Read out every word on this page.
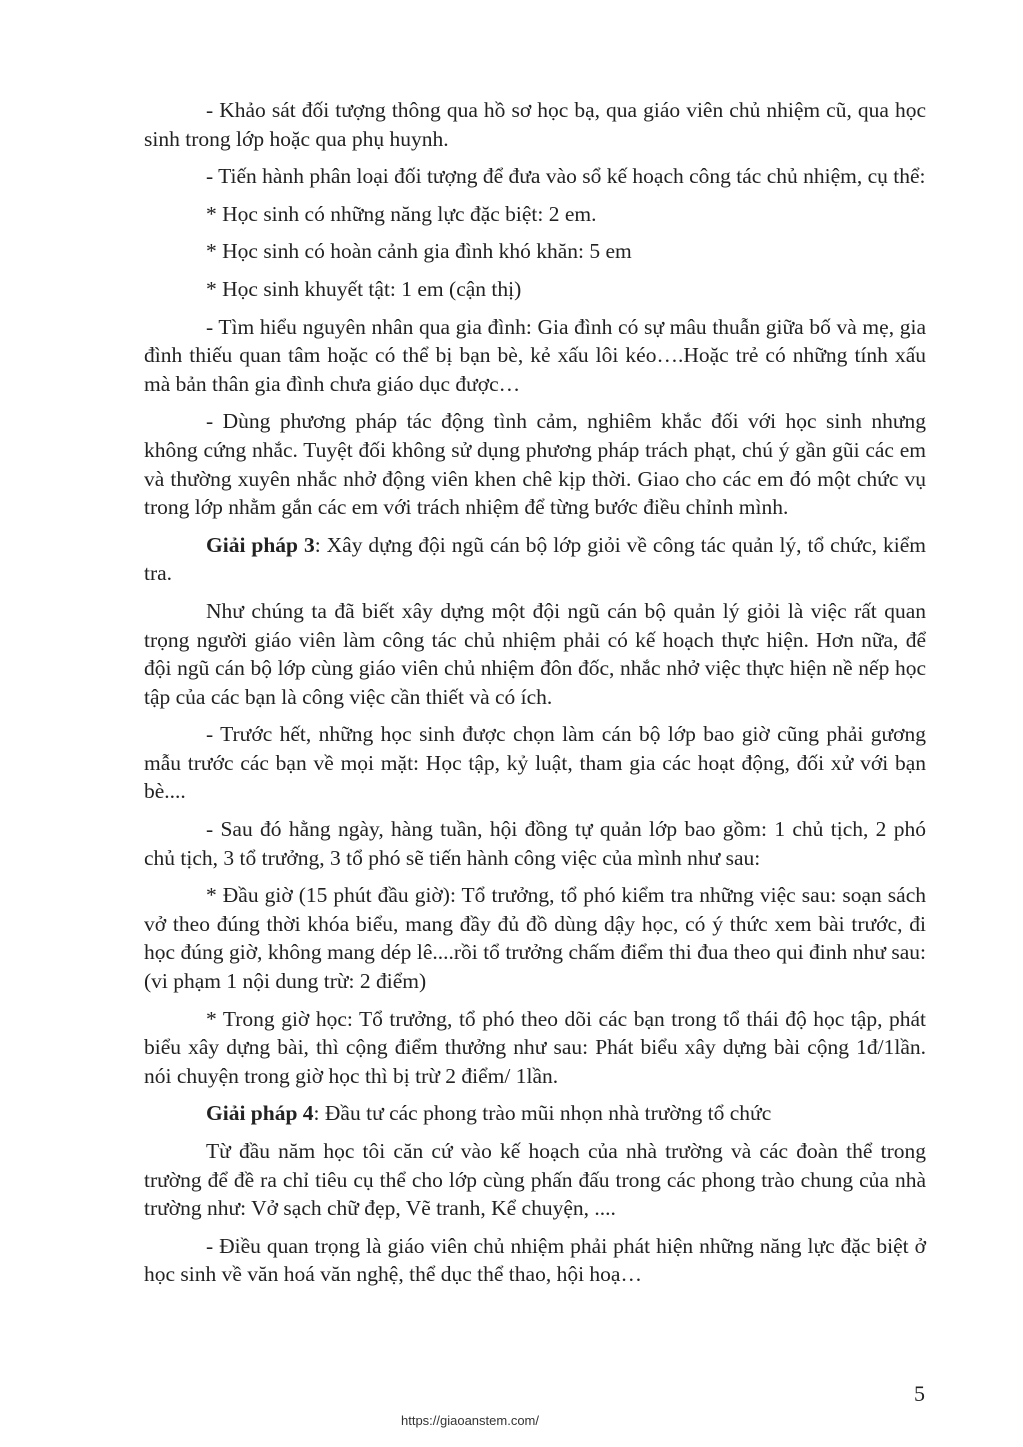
- Khảo sát đối tượng thông qua hồ sơ học bạ, qua giáo viên chủ nhiệm cũ, qua học sinh trong lớp hoặc qua phụ huynh.

- Tiến hành phân loại đối tượng để đưa vào sổ kế hoạch công tác chủ nhiệm, cụ thể:

* Học sinh có những năng lực đặc biệt: 2 em.

* Học sinh có hoàn cảnh gia đình khó khăn: 5 em

* Học sinh khuyết tật: 1 em (cận thị)

- Tìm hiểu nguyên nhân qua gia đình: Gia đình có sự mâu thuẫn giữa bố và mẹ, gia đình thiếu quan tâm hoặc có thể bị bạn bè, kẻ xấu lôi kéo….Hoặc trẻ có những tính xấu mà bản thân gia đình chưa giáo dục được…

- Dùng phương pháp tác động tình cảm, nghiêm khắc đối với học sinh nhưng không cứng nhắc. Tuyệt đối không sử dụng phương pháp trách phạt, chú ý gần gũi các em và thường xuyên nhắc nhở động viên khen chê kịp thời. Giao cho các em đó một chức vụ trong lớp nhằm gắn các em với trách nhiệm để từng bước điều chỉnh mình.

Giải pháp 3: Xây dựng đội ngũ cán bộ lớp giỏi về công tác quản lý, tổ chức, kiểm tra.

Như chúng ta đã biết xây dựng một đội ngũ cán bộ quản lý giỏi là việc rất quan trọng người giáo viên làm công tác chủ nhiệm phải có kế hoạch thực hiện. Hơn nữa, để đội ngũ cán bộ lớp cùng giáo viên chủ nhiệm đôn đốc, nhắc nhở việc thực hiện nề nếp học tập của các bạn là công việc cần thiết và có ích.

- Trước hết, những học sinh được chọn làm cán bộ lớp bao giờ cũng phải gương mẫu trước các bạn về mọi mặt: Học tập, kỷ luật, tham gia các hoạt động, đối xử với bạn bè....

- Sau đó hằng ngày, hàng tuần, hội đồng tự quản lớp bao gồm: 1 chủ tịch, 2 phó chủ tịch, 3 tổ trưởng, 3 tổ phó sẽ tiến hành công việc của mình như sau:

* Đầu giờ (15 phút đầu giờ): Tổ trưởng, tổ phó kiểm tra những việc sau: soạn sách vở theo đúng thời khóa biểu, mang đầy đủ đồ dùng dậy học, có ý thức xem bài trước, đi học đúng giờ, không mang dép lê....rồi tổ trưởng chấm điểm thi đua theo qui đinh như sau: (vi phạm 1 nội dung trừ: 2 điểm)

* Trong giờ học: Tổ trưởng, tổ phó theo dõi các bạn trong tổ thái độ học tập, phát biểu xây dựng bài, thì cộng điểm thưởng như sau: Phát biểu xây dựng bài cộng 1đ/1lần. nói chuyện trong giờ học thì bị trừ 2 điểm/ 1lần.

Giải pháp 4: Đầu tư các phong trào mũi nhọn nhà trường tổ chức

Từ đầu năm học tôi căn cứ vào kế hoạch của nhà trường và các đoàn thể trong trường để đề ra chỉ tiêu cụ thể cho lớp cùng phấn đấu trong các phong trào chung của nhà trường như: Vở sạch chữ đẹp, Vẽ tranh, Kể chuyện, ....

- Điều quan trọng là giáo viên chủ nhiệm phải phát hiện những năng lực đặc biệt ở học sinh về văn hoá văn nghệ, thể dục thể thao, hội hoạ…

5
https://giaoanstem.com/
